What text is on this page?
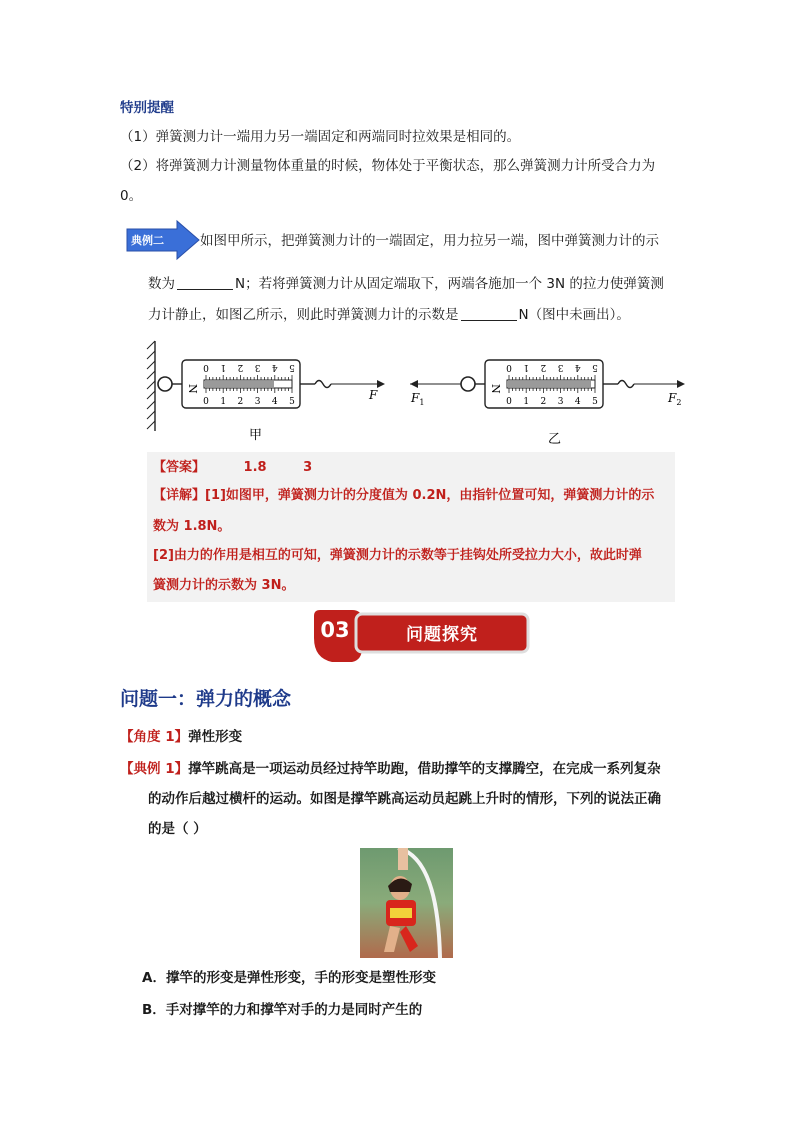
特别提醒
（1）弹簧测力计一端用力另一端固定和两端同时拉效果是相同的。
（2）将弹簧测力计测量物体重量的时候，物体处于平衡状态，那么弹簧测力计所受合力为
0。
典例二	如图甲所示，把弹簧测力计的一端固定，用力拉另一端，图中弹簧测力计的示
数为	N；若将弹簧测力计从固定端取下，两端各施加一个 3N 的拉力使弹簧测
力计静止，如图乙所示，则此时弹簧测力计的示数是	N（图中未画出）。
0 1 2 3 4 5
0 1 2 3 4 5
0 1 2 3 4 5
0 1 2 3 4 5
N	N
F	$F_1$	$F_2$
甲	乙
【答案】	1.8	3
【详解】[1]如图甲，弹簧测力计的分度值为 0.2N，由指针位置可知，弹簧测力计的示
数为 1.8N。
[2]由力的作用是相互的可知，弹簧测力计的示数等于挂钩处所受拉力大小，故此时弹
簧测力计的示数为 3N。
03	问题探究
问题一：弹力的概念
【角度 1】弹性形变
【典例 1】撑竿跳高是一项运动员经过持竿助跑，借助撑竿的支撑腾空，在完成一系列复杂
的动作后越过横杆的运动。如图是撑竿跳高运动员起跳上升时的情形，下列的说法正确
的是（ ）
A．撑竿的形变是弹性形变，手的形变是塑性形变
B．手对撑竿的力和撑竿对手的力是同时产生的
